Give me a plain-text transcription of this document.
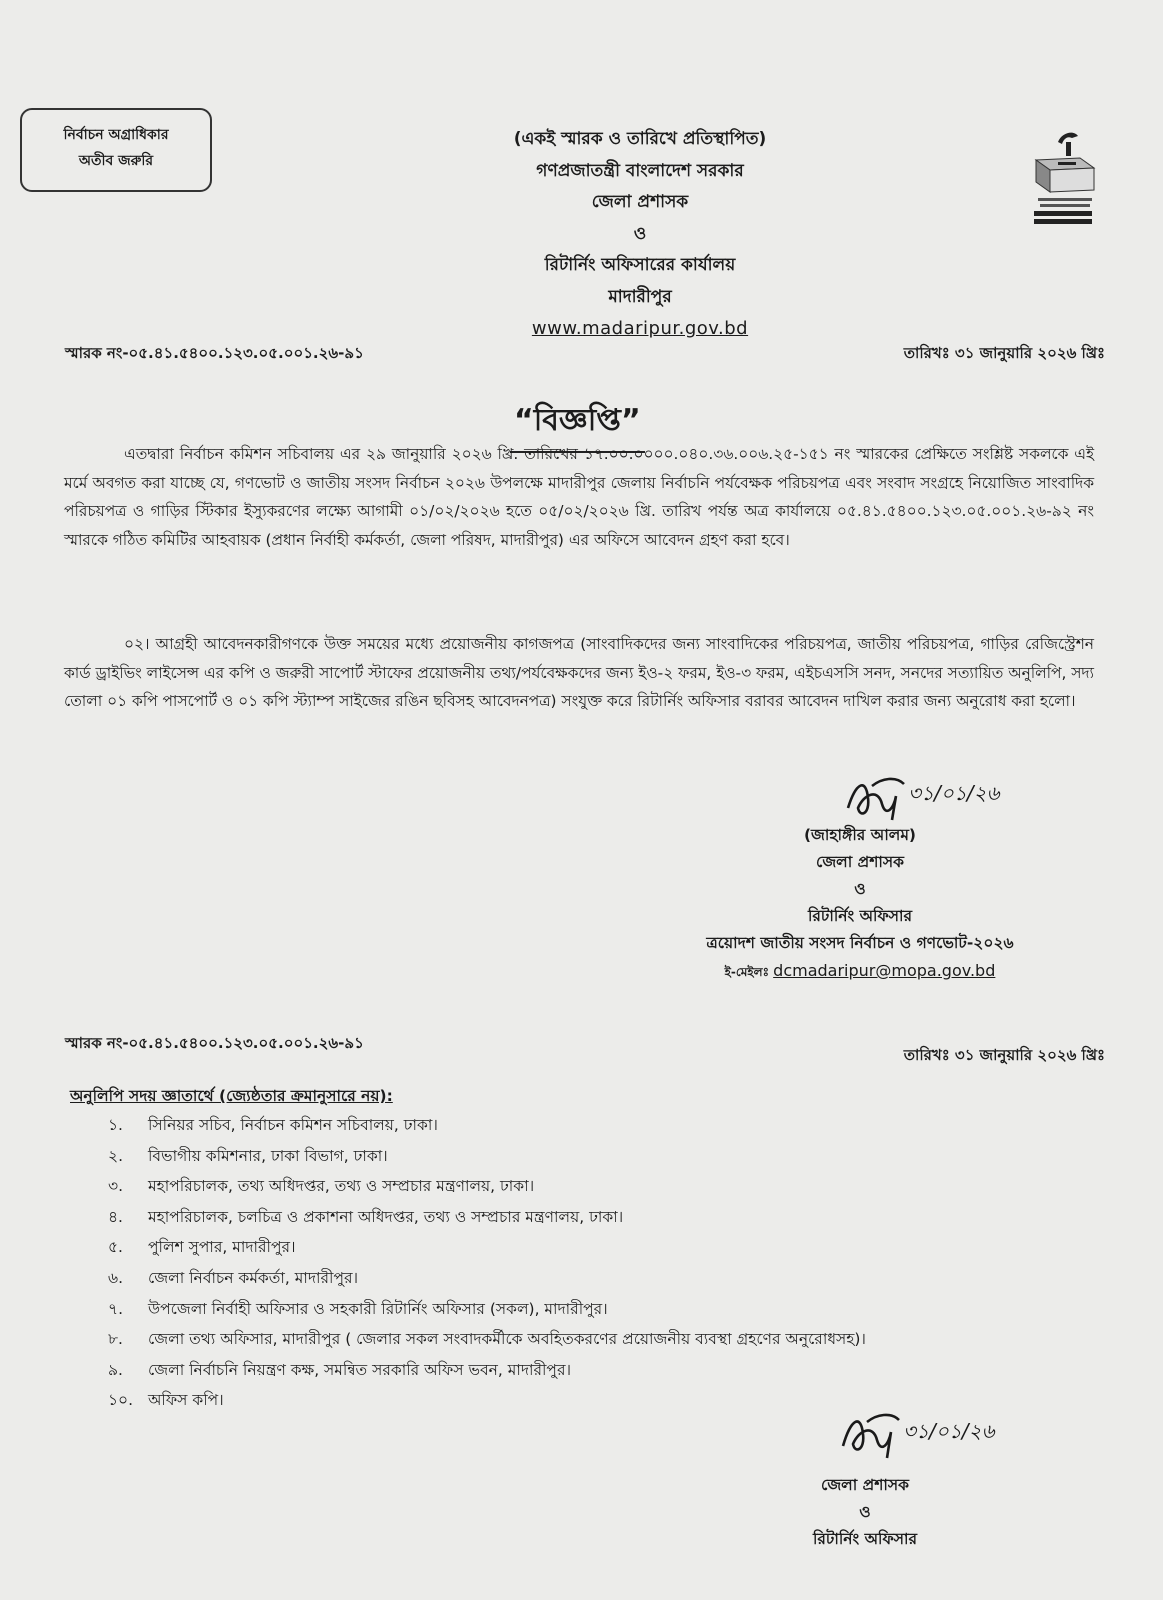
নির্বাচন অগ্রাধিকার
অতীব জরুরি
(একই স্মারক ও তারিখে প্রতিস্থাপিত)
গণপ্রজাতন্ত্রী বাংলাদেশ সরকার
জেলা প্রশাসক
ও
রিটার্নিং অফিসারের কার্যালয়
মাদারীপুর
www.madaripur.gov.bd
স্মারক নং-০৫.৪১.৫৪০০.১২৩.০৫.০০১.২৬-৯১	তারিখঃ ৩১ জানুয়ারি ২০২৬ খ্রিঃ
“বিজ্ঞপ্তি”

এতদ্বারা নির্বাচন কমিশন সচিবালয় এর ২৯ জানুয়ারি ২০২৬ খ্রি. তারিখের ১৭.০০.০০০০.০৪০.৩৬.০০৬.২৫-১৫১ নং স্মারকের প্রেক্ষিতে সংশ্লিষ্ট সকলকে এই মর্মে অবগত করা যাচ্ছে যে, গণভোট ও জাতীয় সংসদ নির্বাচন ২০২৬ উপলক্ষে মাদারীপুর জেলায় নির্বাচনি পর্যবেক্ষক পরিচয়পত্র এবং সংবাদ সংগ্রহে নিয়োজিত সাংবাদিক পরিচয়পত্র ও গাড়ির স্টিকার ইস্যুকরণের লক্ষ্যে আগামী ০১/০২/২০২৬ হতে ০৫/০২/২০২৬ খ্রি. তারিখ পর্যন্ত অত্র কার্যালয়ে ০৫.৪১.৫৪০০.১২৩.০৫.০০১.২৬-৯২ নং স্মারকে গঠিত কমিটির আহবায়ক (প্রধান নির্বাহী কর্মকর্তা, জেলা পরিষদ, মাদারীপুর) এর অফিসে আবেদন গ্রহণ করা হবে।

০২। আগ্রহী আবেদনকারীগণকে উক্ত সময়ের মধ্যে প্রয়োজনীয় কাগজপত্র (সাংবাদিকদের জন্য সাংবাদিকের পরিচয়পত্র, জাতীয় পরিচয়পত্র, গাড়ির রেজিস্ট্রেশন কার্ড ড্রাইভিং লাইসেন্স এর কপি ও জরুরী সাপোর্ট স্টাফের প্রয়োজনীয় তথ্য/পর্যবেক্ষকদের জন্য ইও-২ ফরম, ইও-৩ ফরম, এইচএসসি সনদ, সনদের সত্যায়িত অনুলিপি, সদ্য তোলা ০১ কপি পাসপোর্ট ও ০১ কপি স্ট্যাম্প সাইজের রঙিন ছবিসহ আবেদনপত্র) সংযুক্ত করে রিটার্নিং অফিসার বরাবর আবেদন দাখিল করার জন্য অনুরোধ করা হলো।

৩১/০১/২৬
(জাহাঙ্গীর আলম)
জেলা প্রশাসক
ও
রিটার্নিং অফিসার
ত্রয়োদশ জাতীয় সংসদ নির্বাচন ও গণভোট-২০২৬
ই-মেইলঃ dcmadaripur@mopa.gov.bd
স্মারক নং-০৫.৪১.৫৪০০.১২৩.০৫.০০১.২৬-৯১
তারিখঃ ৩১ জানুয়ারি ২০২৬ খ্রিঃ
অনুলিপি সদয় জ্ঞাতার্থে (জ্যেষ্ঠতার ক্রমানুসারে নয়):
১.	সিনিয়র সচিব, নির্বাচন কমিশন সচিবালয়, ঢাকা।
২.	বিভাগীয় কমিশনার, ঢাকা বিভাগ, ঢাকা।
৩.	মহাপরিচালক, তথ্য অধিদপ্তর, তথ্য ও সম্প্রচার মন্ত্রণালয়, ঢাকা।
৪.	মহাপরিচালক, চলচিত্র ও প্রকাশনা অধিদপ্তর, তথ্য ও সম্প্রচার মন্ত্রণালয়, ঢাকা।
৫.	পুলিশ সুপার, মাদারীপুর।
৬.	জেলা নির্বাচন কর্মকর্তা, মাদারীপুর।
৭.	উপজেলা নির্বাহী অফিসার ও সহকারী রিটার্নিং অফিসার (সকল), মাদারীপুর।
৮.	জেলা তথ্য অফিসার, মাদারীপুর ( জেলার সকল সংবাদকর্মীকে অবহিতকরণের প্রয়োজনীয় ব্যবস্থা গ্রহণের অনুরোধসহ)।
৯.	জেলা নির্বাচনি নিয়ন্ত্রণ কক্ষ, সমন্বিত সরকারি অফিস ভবন, মাদারীপুর।
১০. অফিস কপি।
৩১/০১/২৬
জেলা প্রশাসক
ও
রিটার্নিং অফিসার
